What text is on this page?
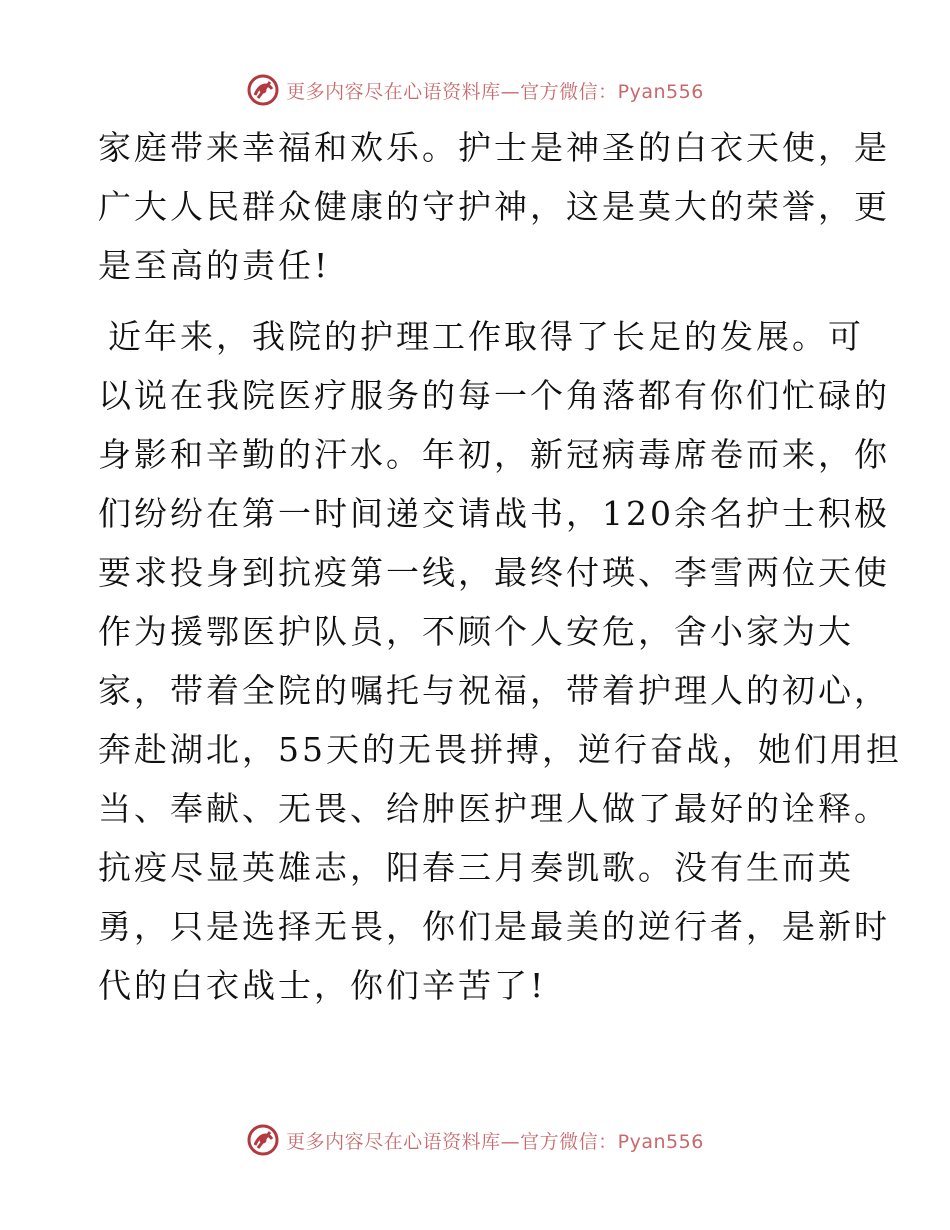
更多内容尽在心语资料库—官方微信：Pyan556

家庭带来幸福和欢乐。护士是神圣的白衣天使，是
广大人民群众健康的守护神，这是莫大的荣誉，更
是至高的责任!

近年来，我院的护理工作取得了长足的发展。可
以说在我院医疗服务的每一个角落都有你们忙碌的
身影和辛勤的汗水。年初，新冠病毒席卷而来，你
们纷纷在第一时间递交请战书，120余名护士积极
要求投身到抗疫第一线，最终付瑛、李雪两位天使
作为援鄂医护队员，不顾个人安危，舍小家为大
家，带着全院的嘱托与祝福，带着护理人的初心，
奔赴湖北，55天的无畏拼搏，逆行奋战，她们用担
当、奉献、无畏、给肿医护理人做了最好的诠释。
抗疫尽显英雄志，阳春三月奏凯歌。没有生而英
勇，只是选择无畏，你们是最美的逆行者，是新时
代的白衣战士，你们辛苦了!

更多内容尽在心语资料库—官方微信：Pyan556
